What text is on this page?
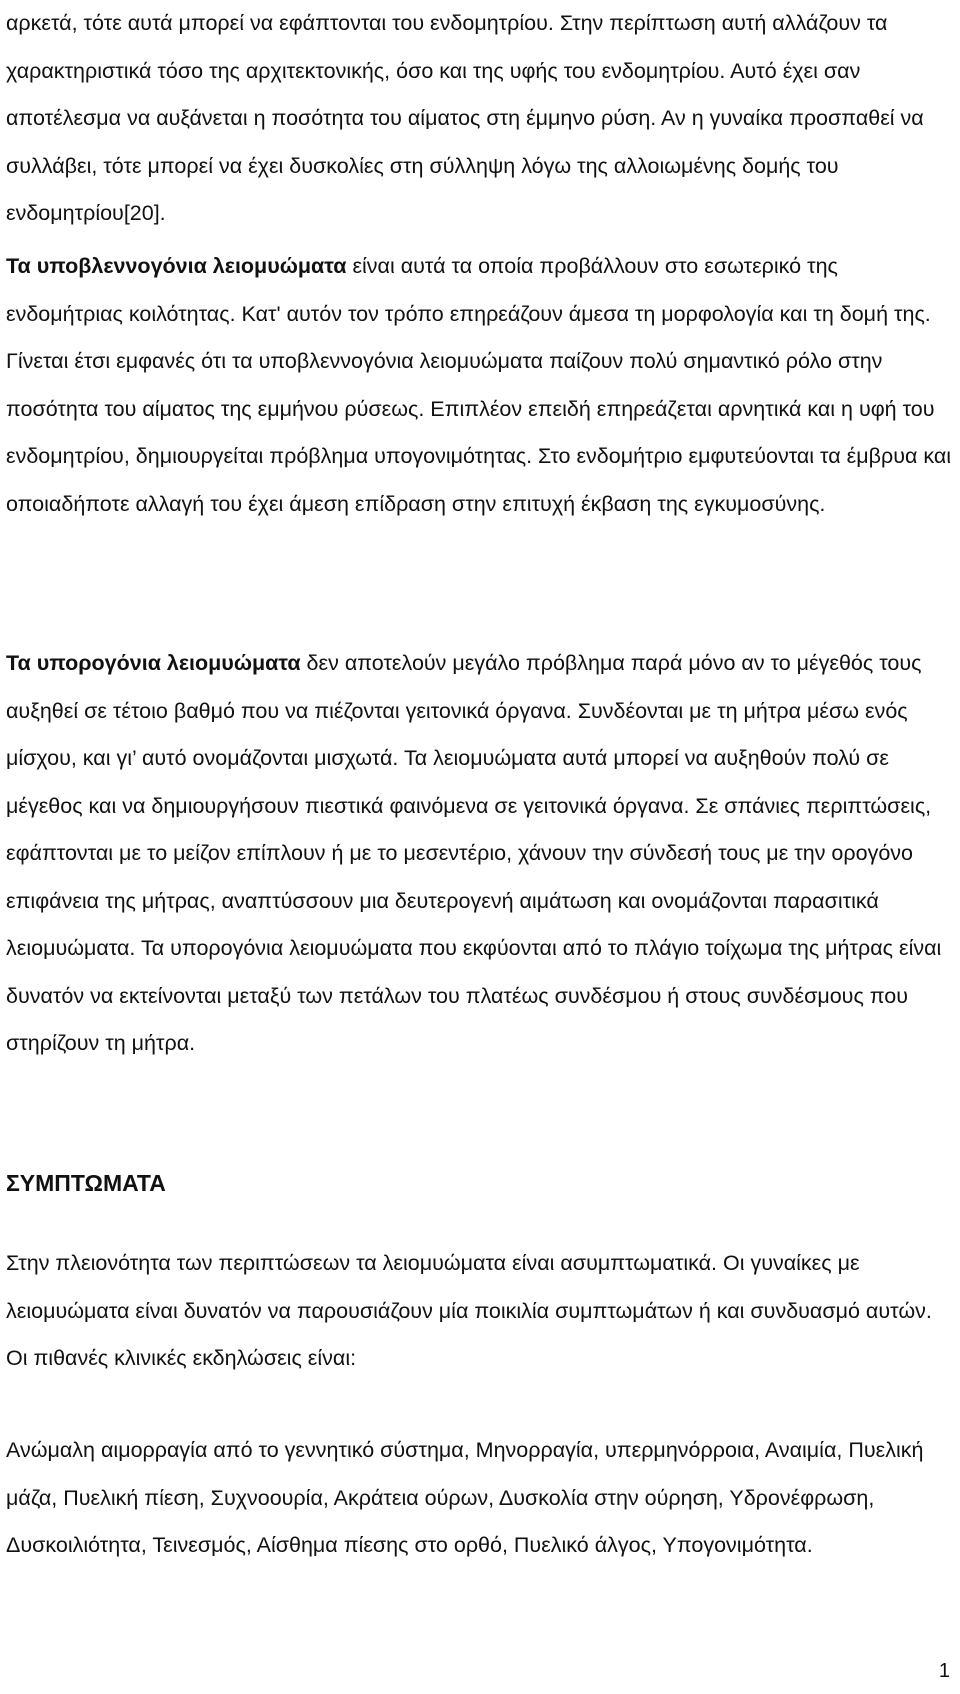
αρκετά, τότε αυτά μπορεί να εφάπτονται του ενδομητρίου. Στην περίπτωση αυτή αλλάζουν τα χαρακτηριστικά τόσο της αρχιτεκτονικής, όσο και της υφής του ενδομητρίου. Αυτό έχει σαν αποτέλεσμα να αυξάνεται η ποσότητα του αίματος στη έμμηνο ρύση. Αν η γυναίκα προσπαθεί να συλλάβει, τότε μπορεί να έχει δυσκολίες στη σύλληψη λόγω της αλλοιωμένης δομής του ενδομητρίου[20].

Τα υποβλεννογόνια λειομυώματα είναι αυτά τα οποία προβάλλουν στο εσωτερικό της ενδομήτριας κοιλότητας. Κατ' αυτόν τον τρόπο επηρεάζουν άμεσα τη μορφολογία και τη δομή της. Γίνεται έτσι εμφανές ότι τα υποβλεννογόνια λειομυώματα παίζουν πολύ σημαντικό ρόλο στην ποσότητα του αίματος της εμμήνου ρύσεως. Επιπλέον επειδή επηρεάζεται αρνητικά και η υφή του ενδομητρίου, δημιουργείται πρόβλημα υπογονιμότητας. Στο ενδομήτριο εμφυτεύονται τα έμβρυα και οποιαδήποτε αλλαγή του έχει άμεση επίδραση στην επιτυχή έκβαση της εγκυμοσύνης.

Τα υπορογόνια λειομυώματα δεν αποτελούν μεγάλο πρόβλημα παρά μόνο αν το μέγεθός τους αυξηθεί σε τέτοιο βαθμό που να πιέζονται γειτονικά όργανα. Συνδέονται με τη μήτρα μέσω ενός μίσχου, και γι’ αυτό ονομάζονται μισχωτά. Τα λειομυώματα αυτά μπορεί να αυξηθούν πολύ σε μέγεθος και να δημιουργήσουν πιεστικά φαινόμενα σε γειτονικά όργανα. Σε σπάνιες περιπτώσεις, εφάπτονται με το μείζον επίπλουν ή με το μεσεντέριο, χάνουν την σύνδεσή τους με την ορογόνο επιφάνεια της μήτρας, αναπτύσσουν μια δευτερογενή αιμάτωση και ονομάζονται παρασιτικά λειομυώματα. Τα υπορογόνια λειομυώματα που εκφύονται από το πλάγιο τοίχωμα της μήτρας είναι δυνατόν να εκτείνονται μεταξύ των πετάλων του πλατέως συνδέσμου ή στους συνδέσμους που στηρίζουν τη μήτρα.

ΣΥΜΠΤΩΜΑΤΑ

Στην πλειονότητα των περιπτώσεων τα λειομυώματα είναι ασυμπτωματικά. Οι γυναίκες με λειομυώματα είναι δυνατόν να παρουσιάζουν μία ποικιλία συμπτωμάτων ή και συνδυασμό αυτών. Οι πιθανές κλινικές εκδηλώσεις είναι:

Ανώμαλη αιμορραγία από το γεννητικό σύστημα, Μηνορραγία, υπερμηνόρροια, Αναιμία, Πυελική μάζα, Πυελική πίεση, Συχνοουρία, Ακράτεια ούρων, Δυσκολία στην ούρηση, Υδρονέφρωση, Δυσκοιλιότητα, Τεινεσμός, Αίσθημα πίεσης στο ορθό, Πυελικό άλγος, Υπογονιμότητα.

1
